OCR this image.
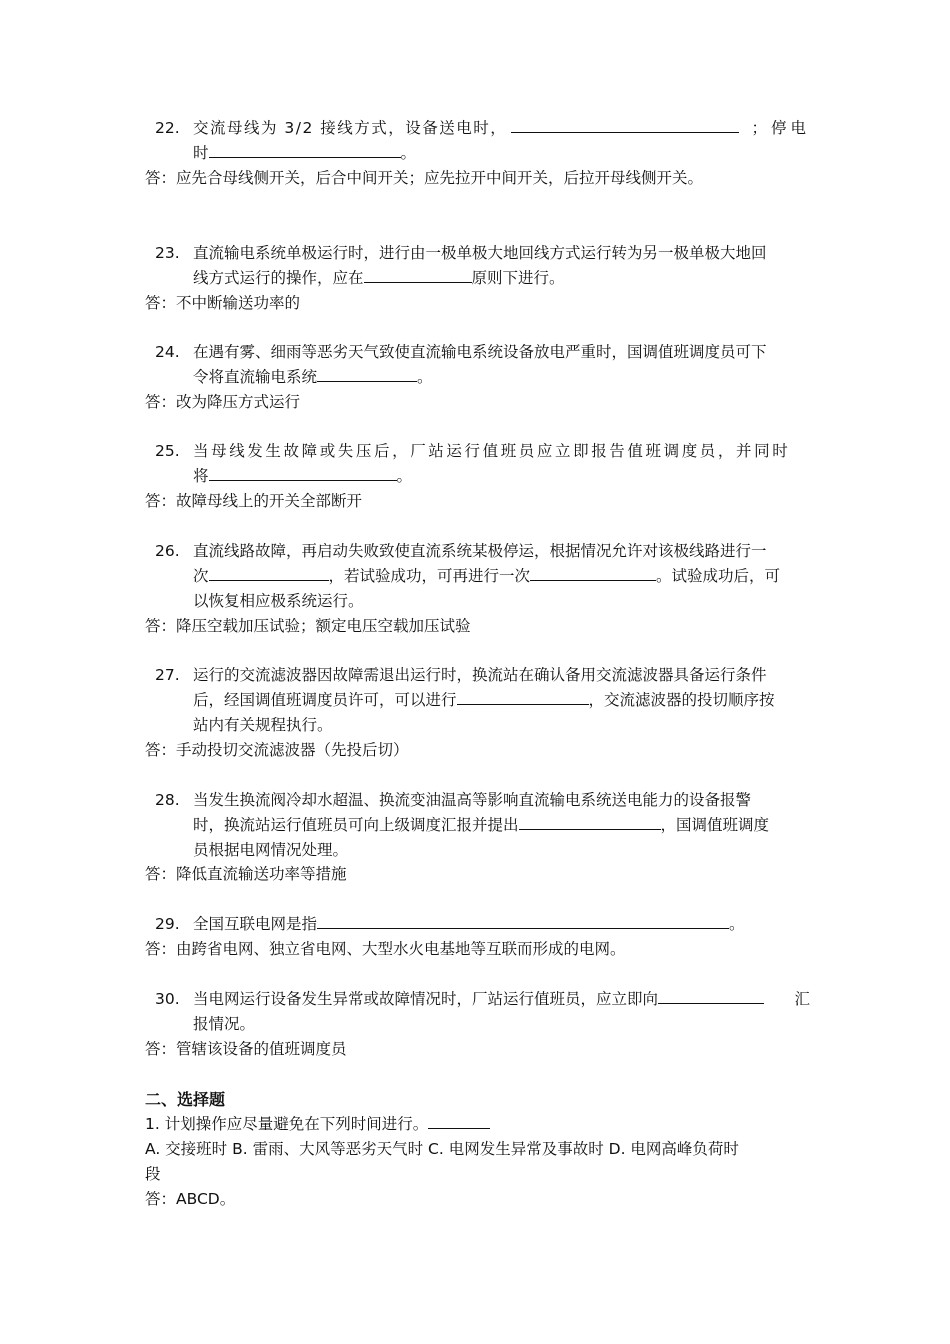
22. 交流母线为 3/2 接线方式，设备送电时，	；停电
时	。
答：应先合母线侧开关，后合中间开关；应先拉开中间开关，后拉开母线侧开关。
23. 直流输电系统单极运行时，进行由一极单极大地回线方式运行转为另一极单极大地回
线方式运行的操作，应在	原则下进行。
答：不中断输送功率的
24. 在遇有雾、细雨等恶劣天气致使直流输电系统设备放电严重时，国调值班调度员可下
令将直流输电系统	。
答：改为降压方式运行
25. 当母线发生故障或失压后，厂站运行值班员应立即报告值班调度员，并同时
将	。
答：故障母线上的开关全部断开
26. 直流线路故障，再启动失败致使直流系统某极停运，根据情况允许对该极线路进行一
次	，若试验成功，可再进行一次	。试验成功后，可
以恢复相应极系统运行。
答：降压空载加压试验；额定电压空载加压试验
27. 运行的交流滤波器因故障需退出运行时，换流站在确认备用交流滤波器具备运行条件
后，经国调值班调度员许可，可以进行	，交流滤波器的投切顺序按
站内有关规程执行。
答：手动投切交流滤波器（先投后切）
28. 当发生换流阀冷却水超温、换流变油温高等影响直流输电系统送电能力的设备报警
时，换流站运行值班员可向上级调度汇报并提出	，国调值班调度
员根据电网情况处理。
答：降低直流输送功率等措施
29. 全国互联电网是指	。
答：由跨省电网、独立省电网、大型水火电基地等互联而形成的电网。
30. 当电网运行设备发生异常或故障情况时，厂站运行值班员，应立即向	汇
报情况。
答：管辖该设备的值班调度员
二、选择题
1. 计划操作应尽量避免在下列时间进行。
A. 交接班时 B. 雷雨、大风等恶劣天气时 C. 电网发生异常及事故时 D. 电网高峰负荷时
段
答：ABCD。
